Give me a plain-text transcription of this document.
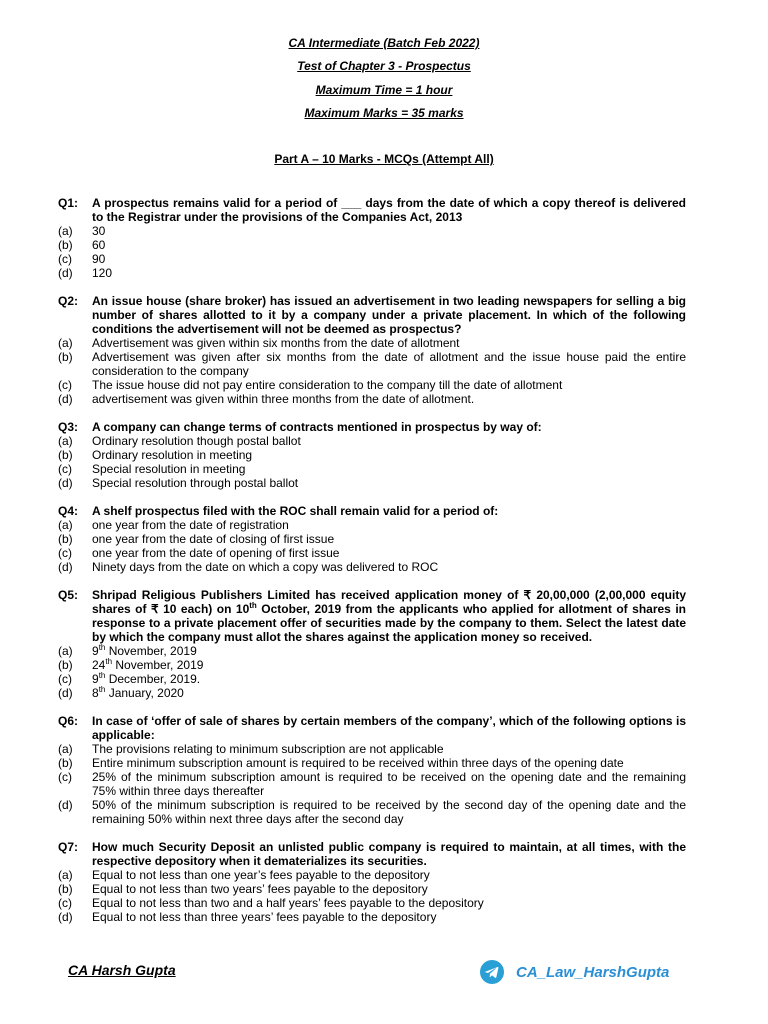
CA Intermediate (Batch Feb 2022)
Test of Chapter 3 - Prospectus
Maximum Time = 1 hour
Maximum Marks = 35 marks
Part A – 10 Marks - MCQs (Attempt All)
Q1:	A prospectus remains valid for a period of ___ days from the date of which a copy thereof is delivered to the Registrar under the provisions of the Companies Act, 2013
(a)	30
(b)	60
(c)	90
(d)	120
Q2:	An issue house (share broker) has issued an advertisement in two leading newspapers for selling a big number of shares allotted to it by a company under a private placement. In which of the following conditions the advertisement will not be deemed as prospectus?
(a)	Advertisement was given within six months from the date of allotment
(b)	Advertisement was given after six months from the date of allotment and the issue house paid the entire consideration to the company
(c)	The issue house did not pay entire consideration to the company till the date of allotment
(d)	advertisement was given within three months from the date of allotment.
Q3:	A company can change terms of contracts mentioned in prospectus by way of:
(a)	Ordinary resolution though postal ballot
(b)	Ordinary resolution in meeting
(c)	Special resolution in meeting
(d)	Special resolution through postal ballot
Q4:	A shelf prospectus filed with the ROC shall remain valid for a period of:
(a)	one year from the date of registration
(b)	one year from the date of closing of first issue
(c)	one year from the date of opening of first issue
(d)	Ninety days from the date on which a copy was delivered to ROC
Q5:	Shripad Religious Publishers Limited has received application money of ₹ 20,00,000 (2,00,000 equity shares of ₹ 10 each) on 10th October, 2019 from the applicants who applied for allotment of shares in response to a private placement offer of securities made by the company to them. Select the latest date by which the company must allot the shares against the application money so received.
(a)	9th November, 2019
(b)	24th November, 2019
(c)	9th December, 2019.
(d)	8th January, 2020
Q6:	In case of ‘offer of sale of shares by certain members of the company’, which of the following options is applicable:
(a)	The provisions relating to minimum subscription are not applicable
(b)	Entire minimum subscription amount is required to be received within three days of the opening date
(c)	25% of the minimum subscription amount is required to be received on the opening date and the remaining 75% within three days thereafter
(d)	50% of the minimum subscription is required to be received by the second day of the opening date and the remaining 50% within next three days after the second day
Q7:	How much Security Deposit an unlisted public company is required to maintain, at all times, with the respective depository when it dematerializes its securities.
(a)	Equal to not less than one year’s fees payable to the depository
(b)	Equal to not less than two years’ fees payable to the depository
(c)	Equal to not less than two and a half years’ fees payable to the depository
(d)	Equal to not less than three years’ fees payable to the depository
CA Harsh Gupta	CA_Law_HarshGupta
